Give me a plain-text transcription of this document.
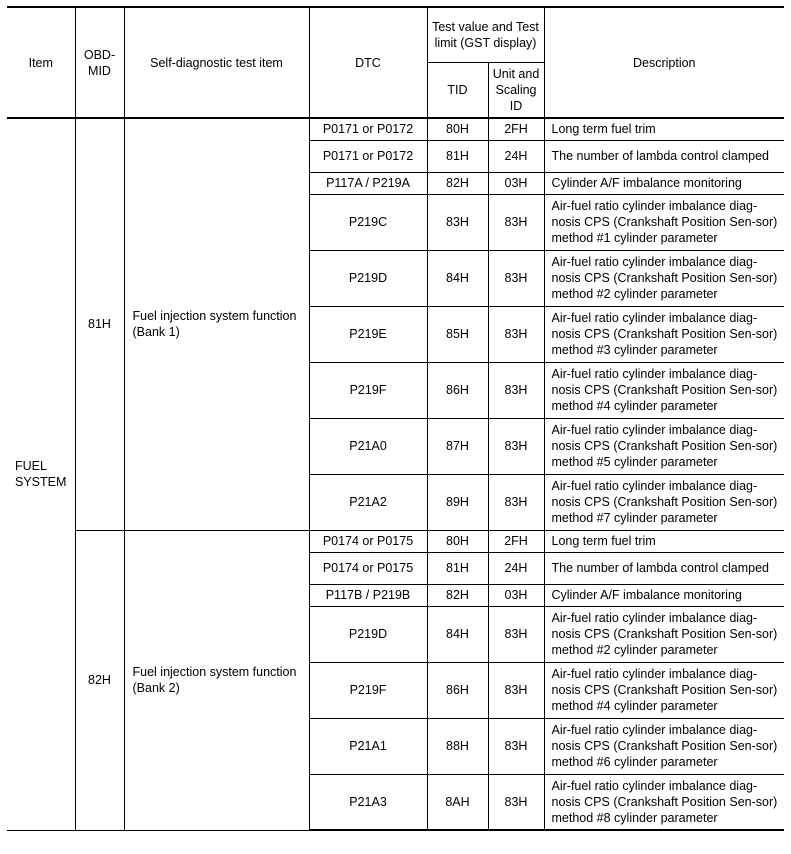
Item	OBD-MID	Self-diagnostic test item	DTC	Test value and Test limit (GST display)		Description
				TID	Unit and Scaling ID	
FUEL SYSTEM	81H	Fuel injection system function (Bank 1)	P0171 or P0172	80H	2FH	Long term fuel trim
			P0171 or P0172	81H	24H	The number of lambda control clamped
			P117A / P219A	82H	03H	Cylinder A/F imbalance monitoring
			P219C	83H	83H	Air-fuel ratio cylinder imbalance diag-nosis CPS (Crankshaft Position Sen-sor) method #1 cylinder parameter
			P219D	84H	83H	Air-fuel ratio cylinder imbalance diag-nosis CPS (Crankshaft Position Sen-sor) method #2 cylinder parameter
			P219E	85H	83H	Air-fuel ratio cylinder imbalance diag-nosis CPS (Crankshaft Position Sen-sor) method #3 cylinder parameter
			P219F	86H	83H	Air-fuel ratio cylinder imbalance diag-nosis CPS (Crankshaft Position Sen-sor) method #4 cylinder parameter
			P21A0	87H	83H	Air-fuel ratio cylinder imbalance diag-nosis CPS (Crankshaft Position Sen-sor) method #5 cylinder parameter
			P21A2	89H	83H	Air-fuel ratio cylinder imbalance diag-nosis CPS (Crankshaft Position Sen-sor) method #7 cylinder parameter
	82H	Fuel injection system function (Bank 2)	P0174 or P0175	80H	2FH	Long term fuel trim
			P0174 or P0175	81H	24H	The number of lambda control clamped
			P117B / P219B	82H	03H	Cylinder A/F imbalance monitoring
			P219D	84H	83H	Air-fuel ratio cylinder imbalance diag-nosis CPS (Crankshaft Position Sen-sor) method #2 cylinder parameter
			P219F	86H	83H	Air-fuel ratio cylinder imbalance diag-nosis CPS (Crankshaft Position Sen-sor) method #4 cylinder parameter
			P21A1	88H	83H	Air-fuel ratio cylinder imbalance diag-nosis CPS (Crankshaft Position Sen-sor) method #6 cylinder parameter
			P21A3	8AH	83H	Air-fuel ratio cylinder imbalance diag-nosis CPS (Crankshaft Position Sen-sor) method #8 cylinder parameter
